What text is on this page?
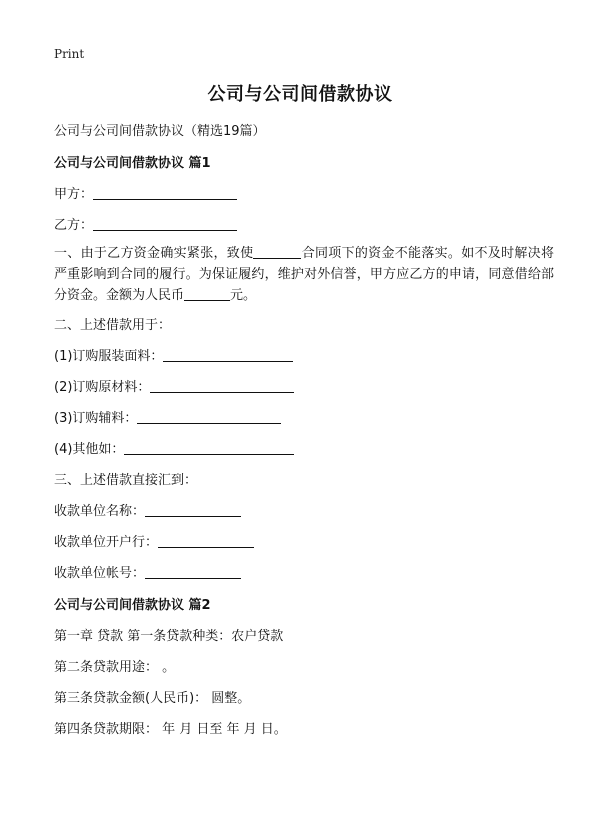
Print
公司与公司间借款协议
公司与公司间借款协议（精选19篇）
公司与公司间借款协议 篇1
甲方：
乙方：
一、由于乙方资金确实紧张，致使	合同项下的资金不能落实。如不及时解决将严重影响到合同的履行。为保证履约，维护对外信誉，甲方应乙方的申请，同意借给部分资金。金额为人民币	元。
二、上述借款用于：
(1)订购服装面料：
(2)订购原材料：
(3)订购辅料：
(4)其他如：
三、上述借款直接汇到：
收款单位名称：
收款单位开户行：
收款单位帐号：
公司与公司间借款协议 篇2
第一章 贷款 第一条贷款种类：农户贷款
第二条贷款用途： 。
第三条贷款金额(人民币)： 圆整。
第四条贷款期限： 年 月 日至 年 月 日。
